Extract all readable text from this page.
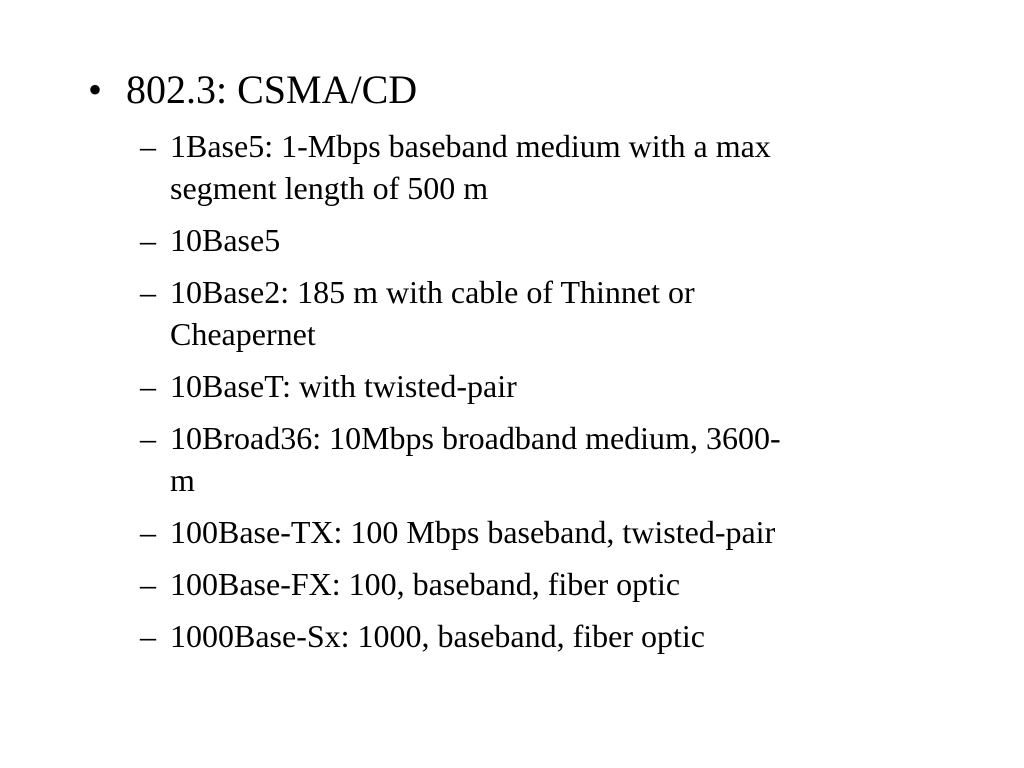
• 802.3: CSMA/CD
– 1Base5: 1-Mbps baseband medium with a max
segment length of 500 m
– 10Base5
– 10Base2: 185 m with cable of Thinnet or
Cheapernet
– 10BaseT: with twisted-pair
– 10Broad36: 10Mbps broadband medium, 3600-
m
– 100Base-TX: 100 Mbps baseband, twisted-pair
– 100Base-FX: 100, baseband, fiber optic
– 1000Base-Sx: 1000, baseband, fiber optic
